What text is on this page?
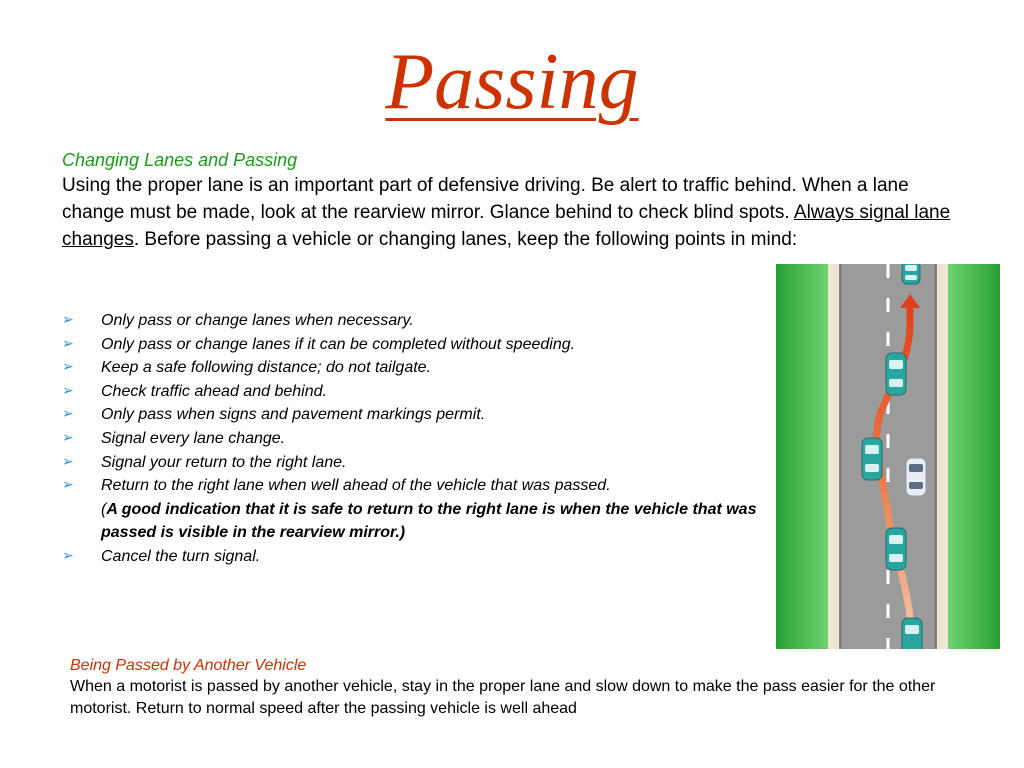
Passing
Changing Lanes and Passing
Using the proper lane is an important part of defensive driving. Be alert to traffic behind. When a lane change must be made, look at the rearview mirror. Glance behind to check blind spots. Always signal lane changes. Before passing a vehicle or changing lanes, keep the following points in mind:
➢ Only pass or change lanes when necessary.
➢ Only pass or change lanes if it can be completed without speeding.
➢ Keep a safe following distance; do not tailgate.
➢ Check traffic ahead and behind.
➢ Only pass when signs and pavement markings permit.
➢ Signal every lane change.
➢ Signal your return to the right lane.
➢ Return to the right lane when well ahead of the vehicle that was passed.
(A good indication that it is safe to return to the right lane is when the vehicle that was passed is visible in the rearview mirror.)
➢ Cancel the turn signal.
Being Passed by Another Vehicle
When a motorist is passed by another vehicle, stay in the proper lane and slow down to make the pass easier for the other motorist. Return to normal speed after the passing vehicle is well ahead
